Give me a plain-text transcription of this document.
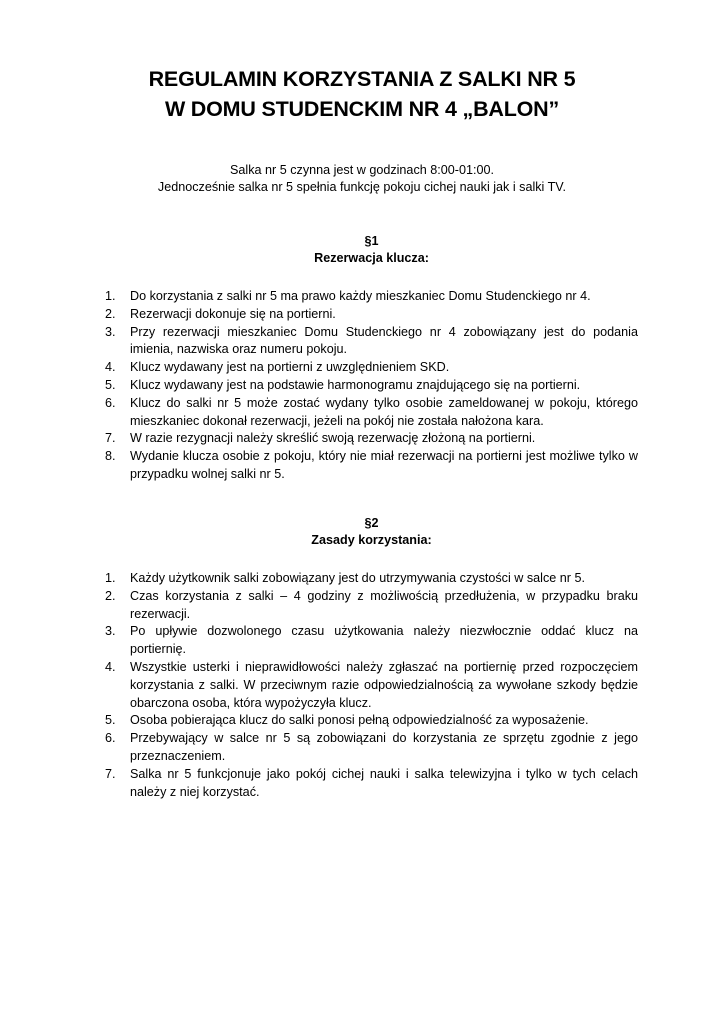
REGULAMIN KORZYSTANIA Z SALKI NR 5
W DOMU STUDENCKIM NR 4 „BALON”
Salka nr 5 czynna jest w godzinach 8:00-01:00.
Jednocześnie salka nr 5 spełnia funkcję pokoju cichej nauki jak i salki TV.
§1
Rezerwacja klucza:
1.	Do korzystania z salki nr 5 ma prawo każdy mieszkaniec Domu Studenckiego nr 4.
2.	Rezerwacji dokonuje się na portierni.
3.	Przy rezerwacji mieszkaniec Domu Studenckiego nr 4 zobowiązany jest do podania imienia, nazwiska oraz numeru pokoju.
4.	Klucz wydawany jest na portierni z uwzględnieniem SKD.
5.	Klucz wydawany jest na podstawie harmonogramu znajdującego się na portierni.
6.	Klucz do salki nr 5 może zostać wydany tylko osobie zameldowanej w pokoju, którego mieszkaniec dokonał rezerwacji, jeżeli na pokój nie została nałożona kara.
7.	W razie rezygnacji należy skreślić swoją rezerwację złożoną na portierni.
8.	Wydanie klucza osobie z pokoju, który nie miał rezerwacji na portierni jest możliwe tylko w przypadku wolnej salki nr 5.
§2
Zasady korzystania:
1.	Każdy użytkownik salki zobowiązany jest do utrzymywania czystości w salce nr 5.
2.	Czas korzystania z salki – 4 godziny z możliwością przedłużenia, w przypadku braku rezerwacji.
3.	Po upływie dozwolonego czasu użytkowania należy niezwłocznie oddać klucz na portiernię.
4.	Wszystkie usterki i nieprawidłowości należy zgłaszać na portiernię przed rozpoczęciem korzystania z salki. W przeciwnym razie odpowiedzialnością za wywołane szkody będzie obarczona osoba, która wypożyczyła klucz.
5.	Osoba pobierająca klucz do salki ponosi pełną odpowiedzialność za wyposażenie.
6.	Przebywający w salce nr 5 są zobowiązani do korzystania ze sprzętu zgodnie z jego przeznaczeniem.
7.	Salka nr 5 funkcjonuje jako pokój cichej nauki i salka telewizyjna i tylko w tych celach należy z niej korzystać.
